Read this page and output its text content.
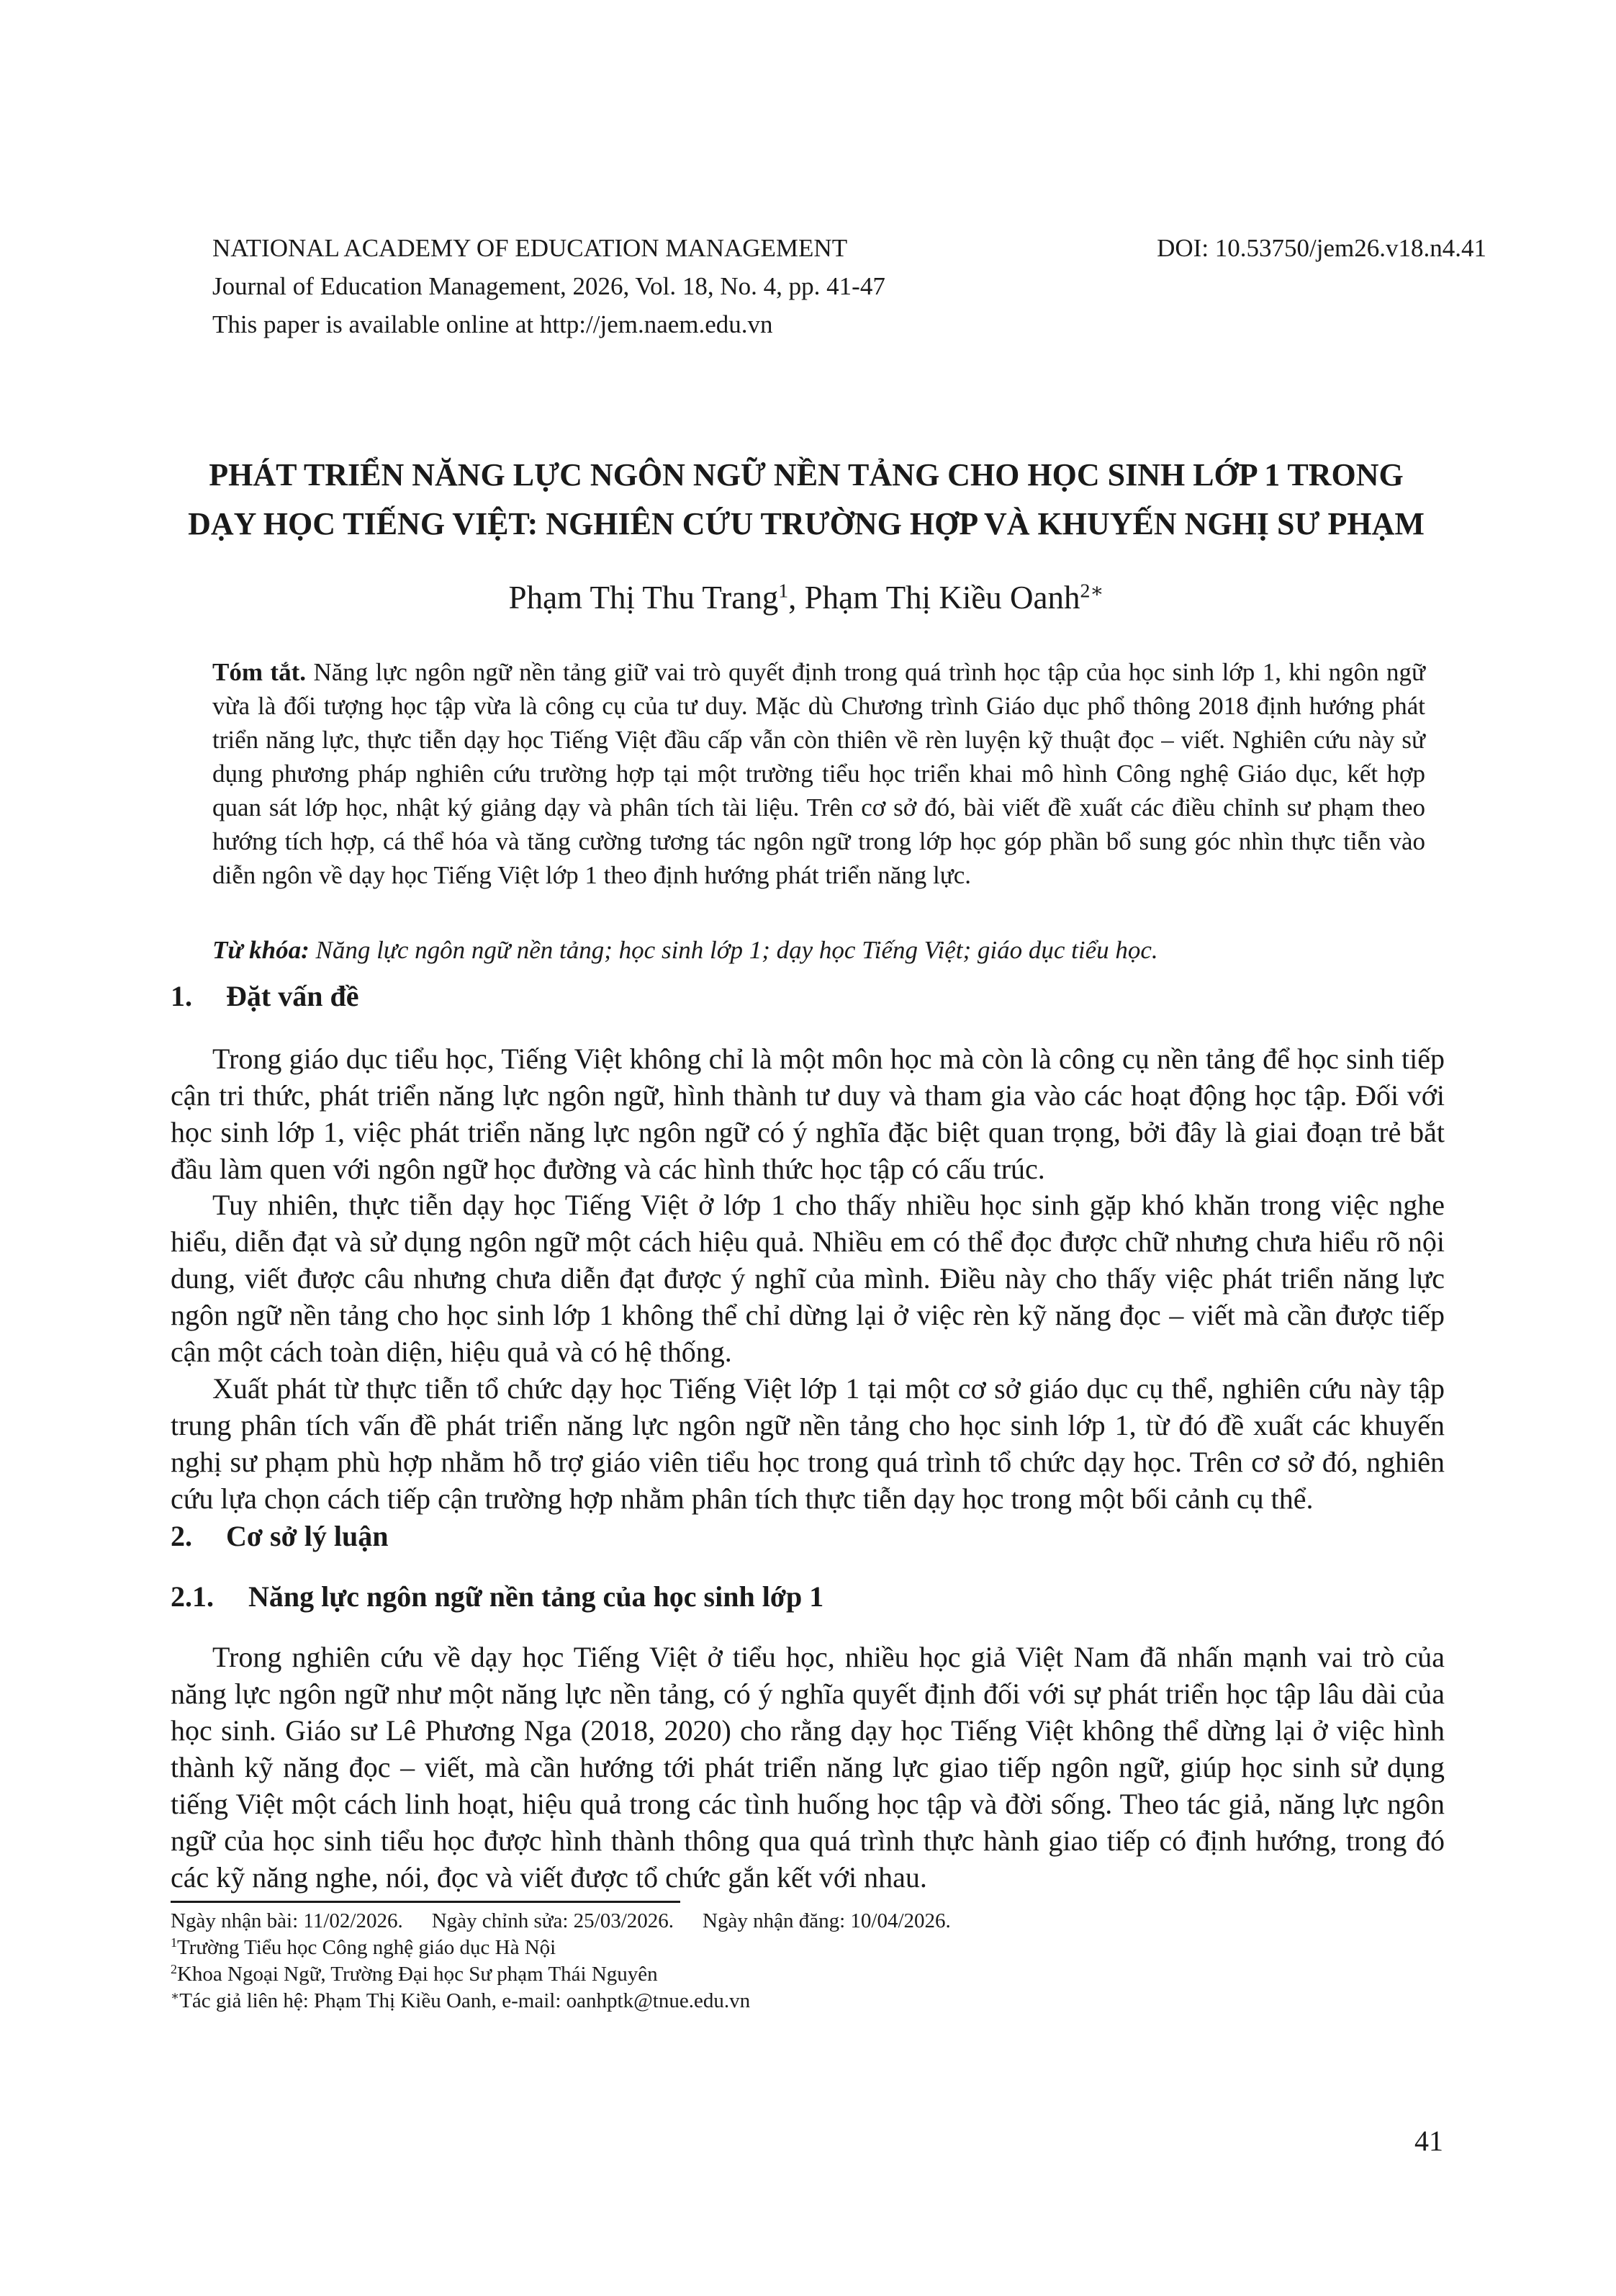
NATIONAL ACADEMY OF EDUCATION MANAGEMENT
Journal of Education Management, 2026, Vol. 18, No. 4, pp. 41-47
This paper is available online at http://jem.naem.edu.vn
DOI: 10.53750/jem26.v18.n4.41
PHÁT TRIỂN NĂNG LỰC NGÔN NGỮ NỀN TẢNG CHO HỌC SINH LỚP 1 TRONG
DẠY HỌC TIẾNG VIỆT: NGHIÊN CỨU TRƯỜNG HỢP VÀ KHUYẾN NGHỊ SƯ PHẠM
Phạm Thị Thu Trang$^1$, Phạm Thị Kiều Oanh$^{2∗}$
Tóm tắt. Năng lực ngôn ngữ nền tảng giữ vai trò quyết định trong quá trình học tập của học sinh lớp 1, khi ngôn ngữ vừa là đối tượng học tập vừa là công cụ của tư duy. Mặc dù Chương trình Giáo dục phổ thông 2018 định hướng phát triển năng lực, thực tiễn dạy học Tiếng Việt đầu cấp vẫn còn thiên về rèn luyện kỹ thuật đọc – viết. Nghiên cứu này sử dụng phương pháp nghiên cứu trường hợp tại một trường tiểu học triển khai mô hình Công nghệ Giáo dục, kết hợp quan sát lớp học, nhật ký giảng dạy và phân tích tài liệu. Trên cơ sở đó, bài viết đề xuất các điều chỉnh sư phạm theo hướng tích hợp, cá thể hóa và tăng cường tương tác ngôn ngữ trong lớp học góp phần bổ sung góc nhìn thực tiễn vào diễn ngôn về dạy học Tiếng Việt lớp 1 theo định hướng phát triển năng lực.
Từ khóa: Năng lực ngôn ngữ nền tảng; học sinh lớp 1; dạy học Tiếng Việt; giáo dục tiểu học.
1. Đặt vấn đề
Trong giáo dục tiểu học, Tiếng Việt không chỉ là một môn học mà còn là công cụ nền tảng để học sinh tiếp cận tri thức, phát triển năng lực ngôn ngữ, hình thành tư duy và tham gia vào các hoạt động học tập. Đối với học sinh lớp 1, việc phát triển năng lực ngôn ngữ có ý nghĩa đặc biệt quan trọng, bởi đây là giai đoạn trẻ bắt đầu làm quen với ngôn ngữ học đường và các hình thức học tập có cấu trúc.
Tuy nhiên, thực tiễn dạy học Tiếng Việt ở lớp 1 cho thấy nhiều học sinh gặp khó khăn trong việc nghe hiểu, diễn đạt và sử dụng ngôn ngữ một cách hiệu quả. Nhiều em có thể đọc được chữ nhưng chưa hiểu rõ nội dung, viết được câu nhưng chưa diễn đạt được ý nghĩ của mình. Điều này cho thấy việc phát triển năng lực ngôn ngữ nền tảng cho học sinh lớp 1 không thể chỉ dừng lại ở việc rèn kỹ năng đọc – viết mà cần được tiếp cận một cách toàn diện, hiệu quả và có hệ thống.
Xuất phát từ thực tiễn tổ chức dạy học Tiếng Việt lớp 1 tại một cơ sở giáo dục cụ thể, nghiên cứu này tập trung phân tích vấn đề phát triển năng lực ngôn ngữ nền tảng cho học sinh lớp 1, từ đó đề xuất các khuyến nghị sư phạm phù hợp nhằm hỗ trợ giáo viên tiểu học trong quá trình tổ chức dạy học. Trên cơ sở đó, nghiên cứu lựa chọn cách tiếp cận trường hợp nhằm phân tích thực tiễn dạy học trong một bối cảnh cụ thể.
2. Cơ sở lý luận
2.1. Năng lực ngôn ngữ nền tảng của học sinh lớp 1
Trong nghiên cứu về dạy học Tiếng Việt ở tiểu học, nhiều học giả Việt Nam đã nhấn mạnh vai trò của năng lực ngôn ngữ như một năng lực nền tảng, có ý nghĩa quyết định đối với sự phát triển học tập lâu dài của học sinh. Giáo sư Lê Phương Nga (2018, 2020) cho rằng dạy học Tiếng Việt không thể dừng lại ở việc hình thành kỹ năng đọc – viết, mà cần hướng tới phát triển năng lực giao tiếp ngôn ngữ, giúp học sinh sử dụng tiếng Việt một cách linh hoạt, hiệu quả trong các tình huống học tập và đời sống. Theo tác giả, năng lực ngôn ngữ của học sinh tiểu học được hình thành thông qua quá trình thực hành giao tiếp có định hướng, trong đó các kỹ năng nghe, nói, đọc và viết được tổ chức gắn kết với nhau.
Ngày nhận bài: 11/02/2026. Ngày chỉnh sửa: 25/03/2026. Ngày nhận đăng: 10/04/2026.
$^1$Trường Tiểu học Công nghệ giáo dục Hà Nội
$^2$Khoa Ngoại Ngữ, Trường Đại học Sư phạm Thái Nguyên
∗Tác giả liên hệ: Phạm Thị Kiều Oanh, e-mail: oanhptk@tnue.edu.vn
41
